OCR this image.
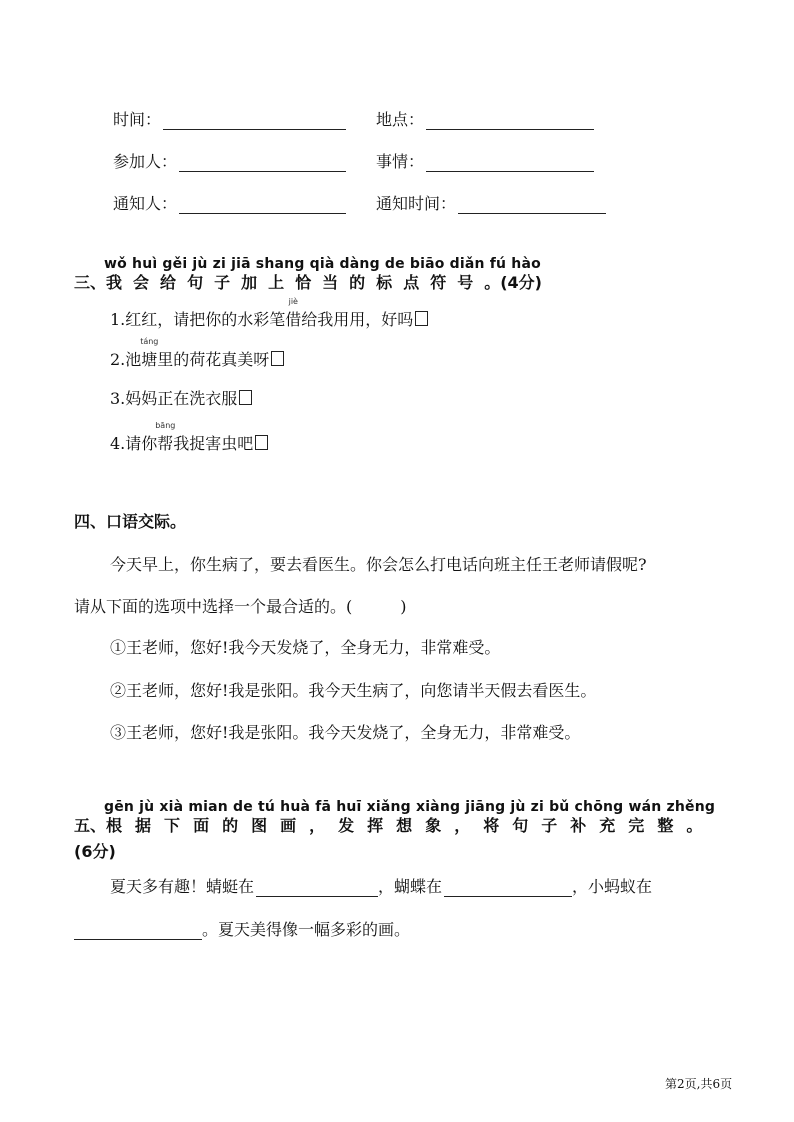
时间：	地点：
参加人：	事情：
通知人：	通知时间：
wǒ huì gěi jù zi jiā shang qià dàng de biāo diǎn fú hào
三、我 会 给 句 子 加 上 恰 当 的 标 点 符 号 。(4分)
1.红红，请把你的水彩笔借
jiè
给我用用，好吗
2.池塘
táng
里的荷花真美呀
3.妈妈正在洗衣服
4.请你帮
bāng
我捉害虫吧
四、口语交际。
今天早上，你生病了，要去看医生。你会怎么打电话向班主任王老师请假呢?
请从下面的选项中选择一个最合适的。(　　　)
①王老师，您好!我今天发烧了，全身无力，非常难受。
②王老师，您好!我是张阳。我今天生病了，向您请半天假去看医生。
③王老师，您好!我是张阳。我今天发烧了，全身无力，非常难受。
gēn jù xià mian de tú huà fā huī xiǎng xiàng jiāng jù zi bǔ chōng wán zhěng
五、根 据 下 面 的 图 画 ， 发 挥 想 象 ， 将 句 子 补 充 完 整 。
(6分)
夏天多有趣！蜻蜓在	，蝴蝶在	，小蚂蚁在
。夏天美得像一幅多彩的画。
第2页,共6页
